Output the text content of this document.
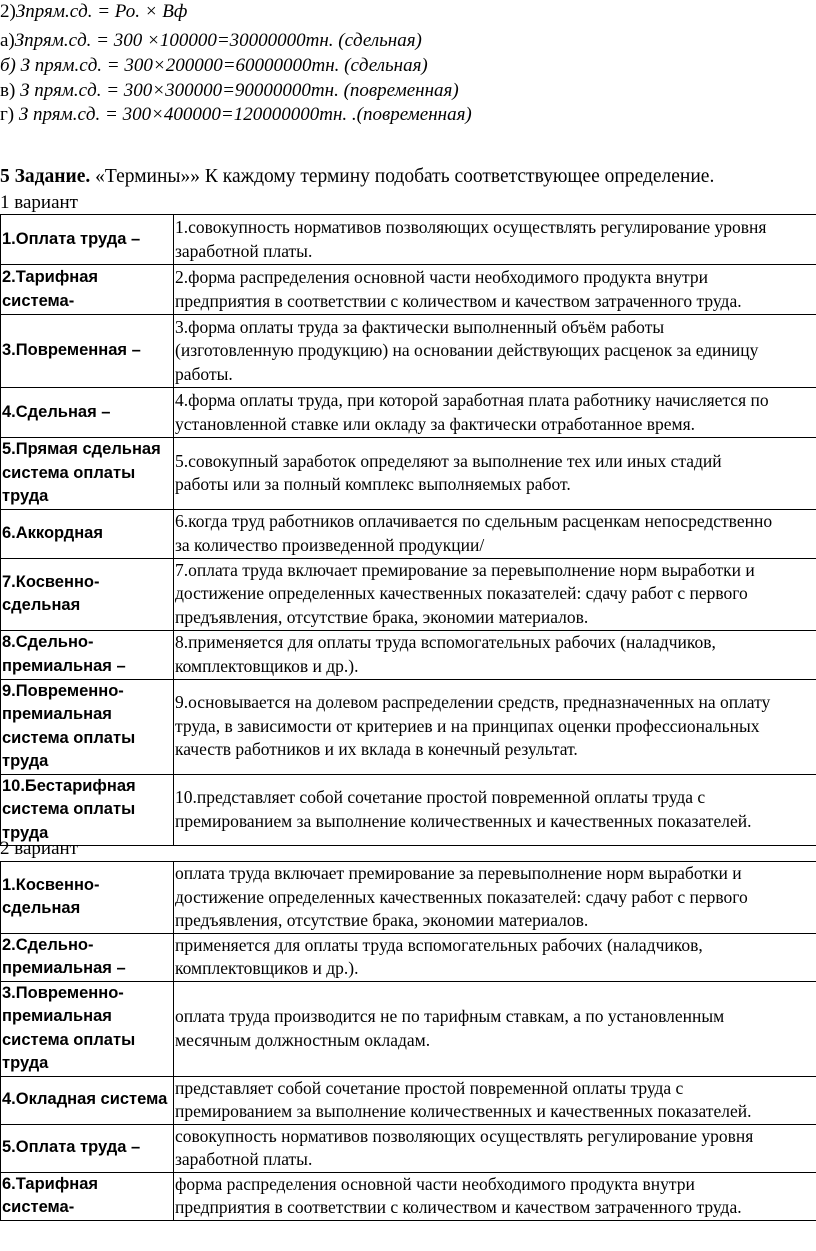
2)Зпрям.сд. = Ро. × Вф
а)Зпрям.сд. = 300 ×100000=30000000тн. (сдельная)
б) З прям.сд. = 300×200000=60000000тн. (сдельная)
в) З прям.сд. = 300×300000=90000000тн. (повременная)
г) З прям.сд. = 300×400000=120000000тн. .(повременная)
5 Задание. «Термины»» К каждому термину подобать соответствующее определение.
1 вариант
1.Оплата труда –	1.совокупность нормативов позволяющих осуществлять регулирование уровня
заработной платы.

2.Тарифная система-	2.форма распределения основной части необходимого продукта внутри
предприятия в соответствии с количеством и качеством затраченного труда.

3.Повременная –	3.форма оплаты труда за фактически выполненный объём работы
(изготовленную продукцию) на основании действующих расценок за единицу
работы.

4.Сдельная –	4.форма оплаты труда, при которой заработная плата работнику начисляется по
установленной ставке или окладу за фактически отработанное время.

5.Прямая сдельная система оплаты труда	5.совокупный заработок определяют за выполнение тех или иных стадий
работы или за полный комплекс выполняемых работ.

6.Аккордная	6.когда труд работников оплачивается по сдельным расценкам непосредственно
за количество произведенной продукции/

7.Косвенно-сдельная	7.оплата труда включает премирование за перевыполнение норм выработки и
достижение определенных качественных показателей: сдачу работ с первого
предъявления, отсутствие брака, экономии материалов.

8.Сдельно-премиальная –	8.применяется для оплаты труда вспомогательных рабочих (наладчиков,
комплектовщиков и др.).

9.Повременно-премиальная система оплаты труда	9.основывается на долевом распределении средств, предназначенных на оплату
труда, в зависимости от критериев и на принципах оценки профессиональных
качеств работников и их вклада в конечный результат.

10.Бестарифная система оплаты труда	10.представляет собой сочетание простой повременной оплаты труда с
премированием за выполнение количественных и качественных показателей.
2 вариант
1.Косвенно-сдельная	оплата труда включает премирование за перевыполнение норм выработки и
достижение определенных качественных показателей: сдачу работ с первого
предъявления, отсутствие брака, экономии материалов.

2.Сдельно-премиальная –	применяется для оплаты труда вспомогательных рабочих (наладчиков,
комплектовщиков и др.).

3.Повременно-премиальная система оплаты труда	оплата труда производится не по тарифным ставкам, а по установленным
месячным должностным окладам.

4.Окладная система	представляет собой сочетание простой повременной оплаты труда с
премированием за выполнение количественных и качественных показателей.

5.Оплата труда –	совокупность нормативов позволяющих осуществлять регулирование уровня
заработной платы.

6.Тарифная система-	форма распределения основной части необходимого продукта внутри
предприятия в соответствии с количеством и качеством затраченного труда.
